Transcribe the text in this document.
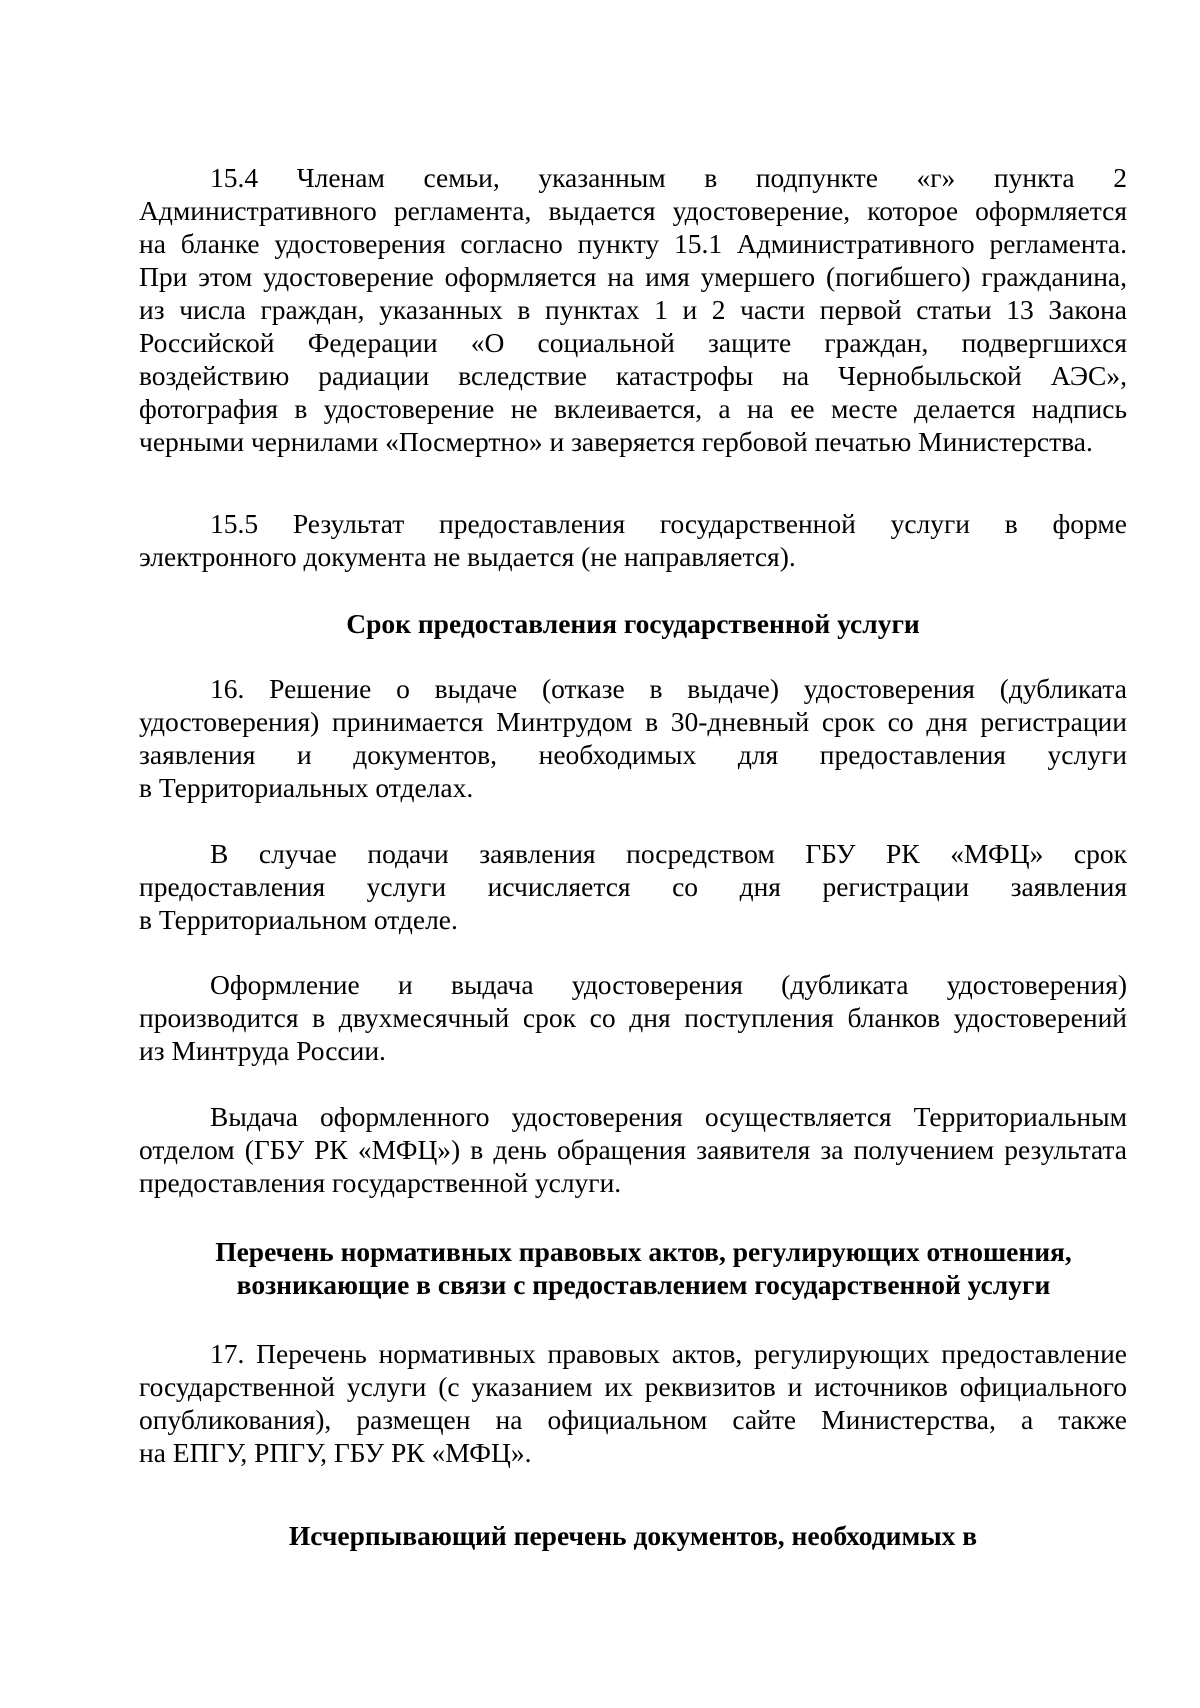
15.4 Членам семьи, указанным в подпункте «г» пункта 2
Административного регламента, выдается удостоверение, которое оформляется
на бланке удостоверения согласно пункту 15.1 Административного регламента.
При этом удостоверение оформляется на имя умершего (погибшего) гражданина,
из числа граждан, указанных в пунктах 1 и 2 части первой статьи 13 Закона
Российской Федерации «О социальной защите граждан, подвергшихся
воздействию радиации вследствие катастрофы на Чернобыльской АЭС»,
фотография в удостоверение не вклеивается, а на ее месте делается надпись
черными чернилами «Посмертно» и заверяется гербовой печатью Министерства.
15.5 Результат предоставления государственной услуги в форме
электронного документа не выдается (не направляется).
Срок предоставления государственной услуги
16. Решение о выдаче (отказе в выдаче) удостоверения (дубликата
удостоверения) принимается Минтрудом в 30-дневный срок со дня регистрации
заявления и документов, необходимых для предоставления услуги
в Территориальных отделах.
В случае подачи заявления посредством ГБУ РК «МФЦ» срок
предоставления услуги исчисляется со дня регистрации заявления
в Территориальном отделе.
Оформление и выдача удостоверения (дубликата удостоверения)
производится в двухмесячный срок со дня поступления бланков удостоверений
из Минтруда России.
Выдача оформленного удостоверения осуществляется Территориальным
отделом (ГБУ РК «МФЦ») в день обращения заявителя за получением результата
предоставления государственной услуги.
Перечень нормативных правовых актов, регулирующих отношения,
возникающие в связи с предоставлением государственной услуги
17. Перечень нормативных правовых актов, регулирующих предоставление
государственной услуги (с указанием их реквизитов и источников официального
опубликования), размещен на официальном сайте Министерства, а также
на ЕПГУ, РПГУ, ГБУ РК «МФЦ».
Исчерпывающий перечень документов, необходимых в
